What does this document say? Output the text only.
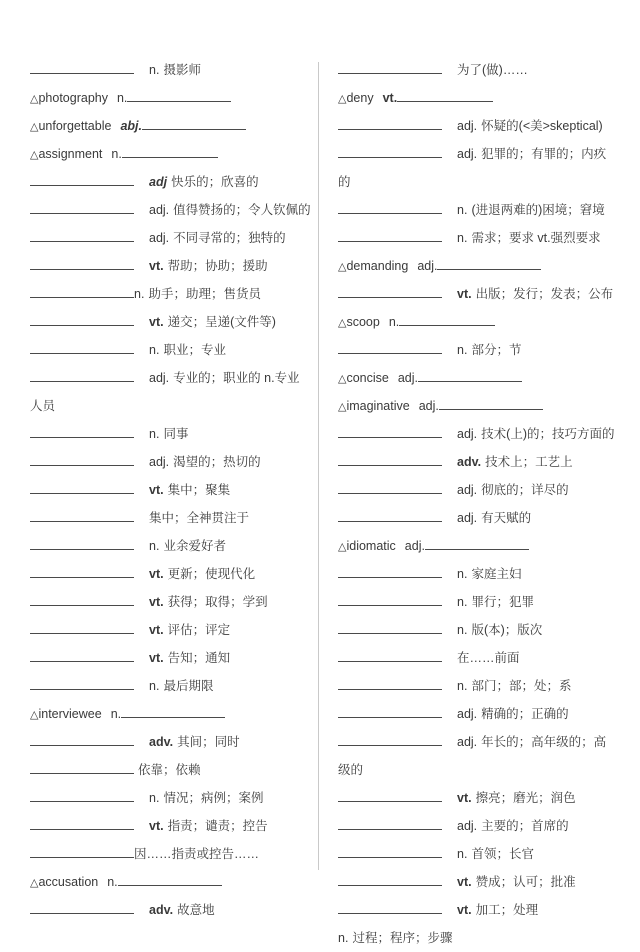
n. 摄影师
△photography n.
△unforgettable abj.
△assignment n.
adj 快乐的；欣喜的
adj. 值得赞扬的；令人钦佩的
adj. 不同寻常的；独特的
vt. 帮助；协助；援助
n. 助手；助理；售货员
vt. 递交；呈递(文件等)
n. 职业；专业
adj. 专业的；职业的 n.专业人员
n. 同事
adj. 渴望的；热切的
vt. 集中；聚集
集中；全神贯注于
n. 业余爱好者
vt. 更新；使现代化
vt. 获得；取得；学到
vt. 评估；评定
vt. 告知；通知
n. 最后期限
△interviewee n.
adv. 其间；同时
依靠；依赖
n. 情况；病例；案例
vt. 指责；谴责；控告
因……指责或控告……
△accusation n.
adv. 故意地
为了(做)……
△deny vt.
adj. 怀疑的(<美>skeptical)
adj. 犯罪的；有罪的；内疚的
n. (进退两难的)困境；窘境
n. 需求；要求 vt.强烈要求
△demanding adj.
vt. 出版；发行；发表；公布
△scoop n.
n. 部分；节
△concise adj.
△imaginative adj.
adj. 技术(上)的；技巧方面的
adv. 技术上；工艺上
adj. 彻底的；详尽的
adj. 有天赋的
△idiomatic adj.
n. 家庭主妇
n. 罪行；犯罪
n. 版(本)；版次
在……前面
n. 部门；部；处；系
adj. 精确的；正确的
adj. 年长的；高年级的；高级的
vt. 擦亮；磨光；润色
adj. 主要的；首席的
n. 首领；长官
vt. 赞成；认可；批准
vt. 加工；处理
n. 过程；程序；步骤
